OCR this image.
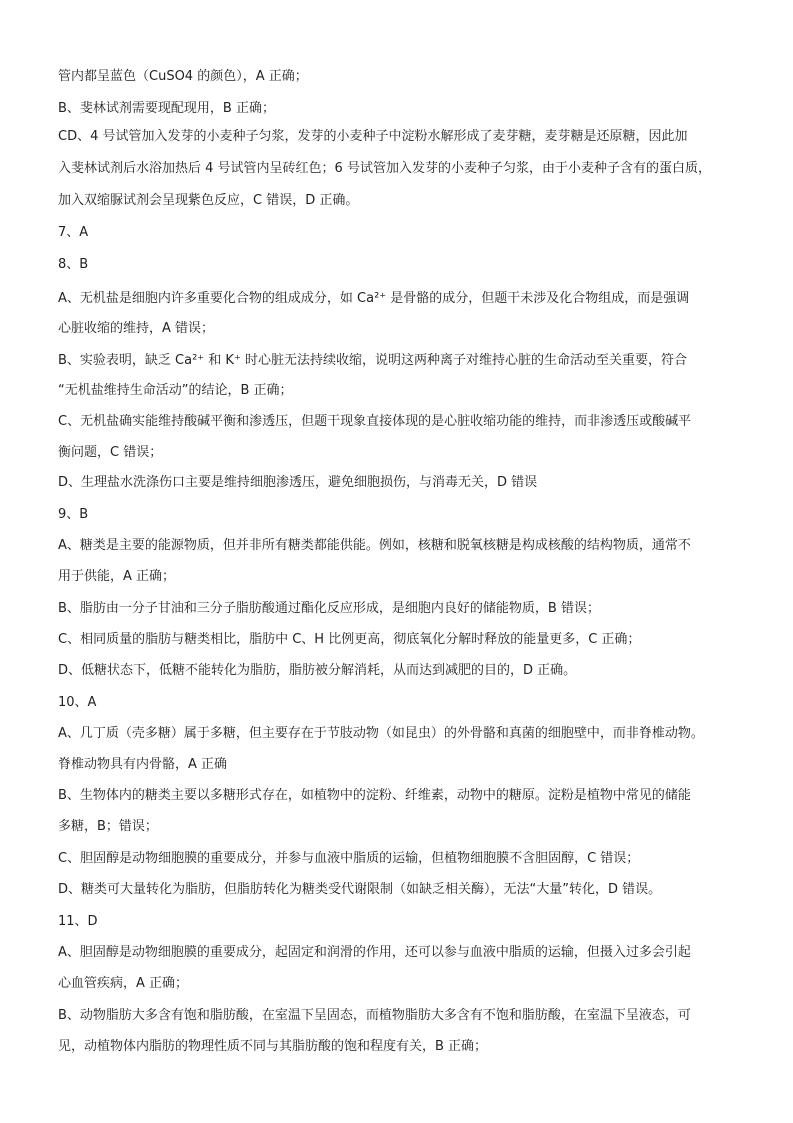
管内都呈蓝色（CuSO4 的颜色），A 正确；
B、斐林试剂需要现配现用，B 正确；
CD、4 号试管加入发芽的小麦种子匀浆，发芽的小麦种子中淀粉水解形成了麦芽糖，麦芽糖是还原糖，因此加
入斐林试剂后水浴加热后 4 号试管内呈砖红色；6 号试管加入发芽的小麦种子匀浆，由于小麦种子含有的蛋白质，
加入双缩脲试剂会呈现紫色反应，C 错误，D 正确。
7、A
8、B
A、无机盐是细胞内许多重要化合物的组成成分，如 Ca²⁺ 是骨骼的成分，但题干未涉及化合物组成，而是强调
心脏收缩的维持，A 错误；
B、实验表明，缺乏 Ca²⁺ 和 K⁺ 时心脏无法持续收缩，说明这两种离子对维持心脏的生命活动至关重要，符合
“无机盐维持生命活动”的结论，B 正确；
C、无机盐确实能维持酸碱平衡和渗透压，但题干现象直接体现的是心脏收缩功能的维持，而非渗透压或酸碱平
衡问题，C 错误；
D、生理盐水洗涤伤口主要是维持细胞渗透压，避免细胞损伤，与消毒无关，D 错误
9、B
A、糖类是主要的能源物质，但并非所有糖类都能供能。例如，核糖和脱氧核糖是构成核酸的结构物质，通常不
用于供能，A 正确；
B、脂肪由一分子甘油和三分子脂肪酸通过酯化反应形成，是细胞内良好的储能物质，B 错误；
C、相同质量的脂肪与糖类相比，脂肪中 C、H 比例更高，彻底氧化分解时释放的能量更多，C 正确；
D、低糖状态下，低糖不能转化为脂肪，脂肪被分解消耗，从而达到减肥的目的，D 正确。
10、A
A、几丁质（壳多糖）属于多糖，但主要存在于节肢动物（如昆虫）的外骨骼和真菌的细胞壁中，而非脊椎动物。
脊椎动物具有内骨骼，A 正确
B、生物体内的糖类主要以多糖形式存在，如植物中的淀粉、纤维素，动物中的糖原。淀粉是植物中常见的储能
多糖，B；错误；
C、胆固醇是动物细胞膜的重要成分，并参与血液中脂质的运输，但植物细胞膜不含胆固醇，C 错误；
D、糖类可大量转化为脂肪，但脂肪转化为糖类受代谢限制（如缺乏相关酶），无法“大量”转化，D 错误。
11、D
A、胆固醇是动物细胞膜的重要成分，起固定和润滑的作用，还可以参与血液中脂质的运输，但摄入过多会引起
心血管疾病，A 正确；
B、动物脂肪大多含有饱和脂肪酸，在室温下呈固态，而植物脂肪大多含有不饱和脂肪酸，在室温下呈液态，可
见，动植物体内脂肪的物理性质不同与其脂肪酸的饱和程度有关，B 正确；
